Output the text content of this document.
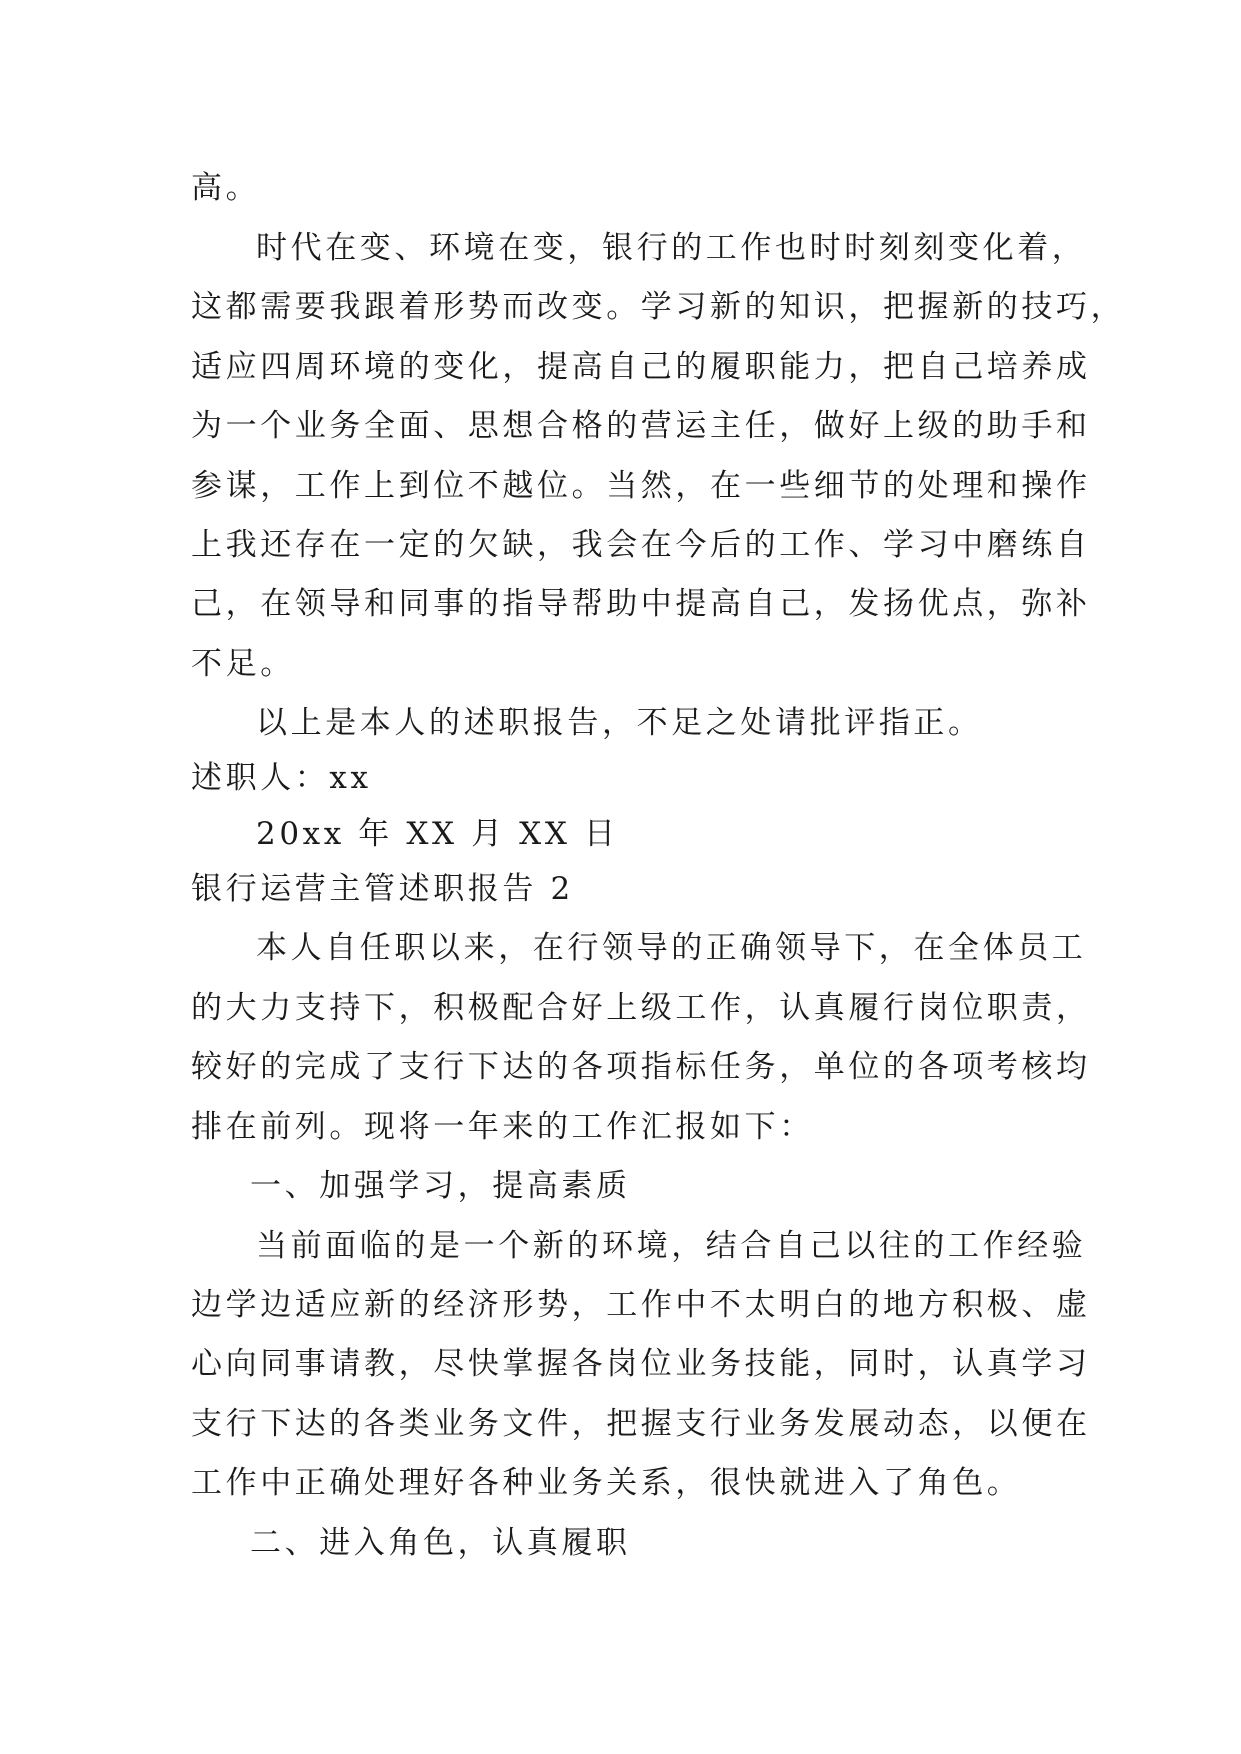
高。
时代在变、环境在变，银行的工作也时时刻刻变化着，
这都需要我跟着形势而改变。学习新的知识，把握新的技巧，
适应四周环境的变化，提高自己的履职能力，把自己培养成
为一个业务全面、思想合格的营运主任，做好上级的助手和
参谋，工作上到位不越位。当然，在一些细节的处理和操作
上我还存在一定的欠缺，我会在今后的工作、学习中磨练自
己，在领导和同事的指导帮助中提高自己，发扬优点，弥补
不足。
以上是本人的述职报告，不足之处请批评指正。
述职人：xx
20xx 年 XX 月 XX 日
银行运营主管述职报告 2
本人自任职以来，在行领导的正确领导下，在全体员工
的大力支持下，积极配合好上级工作，认真履行岗位职责，
较好的完成了支行下达的各项指标任务，单位的各项考核均
排在前列。现将一年来的工作汇报如下：
一、加强学习，提高素质
当前面临的是一个新的环境，结合自己以往的工作经验
边学边适应新的经济形势，工作中不太明白的地方积极、虚
心向同事请教，尽快掌握各岗位业务技能，同时，认真学习
支行下达的各类业务文件，把握支行业务发展动态，以便在
工作中正确处理好各种业务关系，很快就进入了角色。
二、进入角色，认真履职
